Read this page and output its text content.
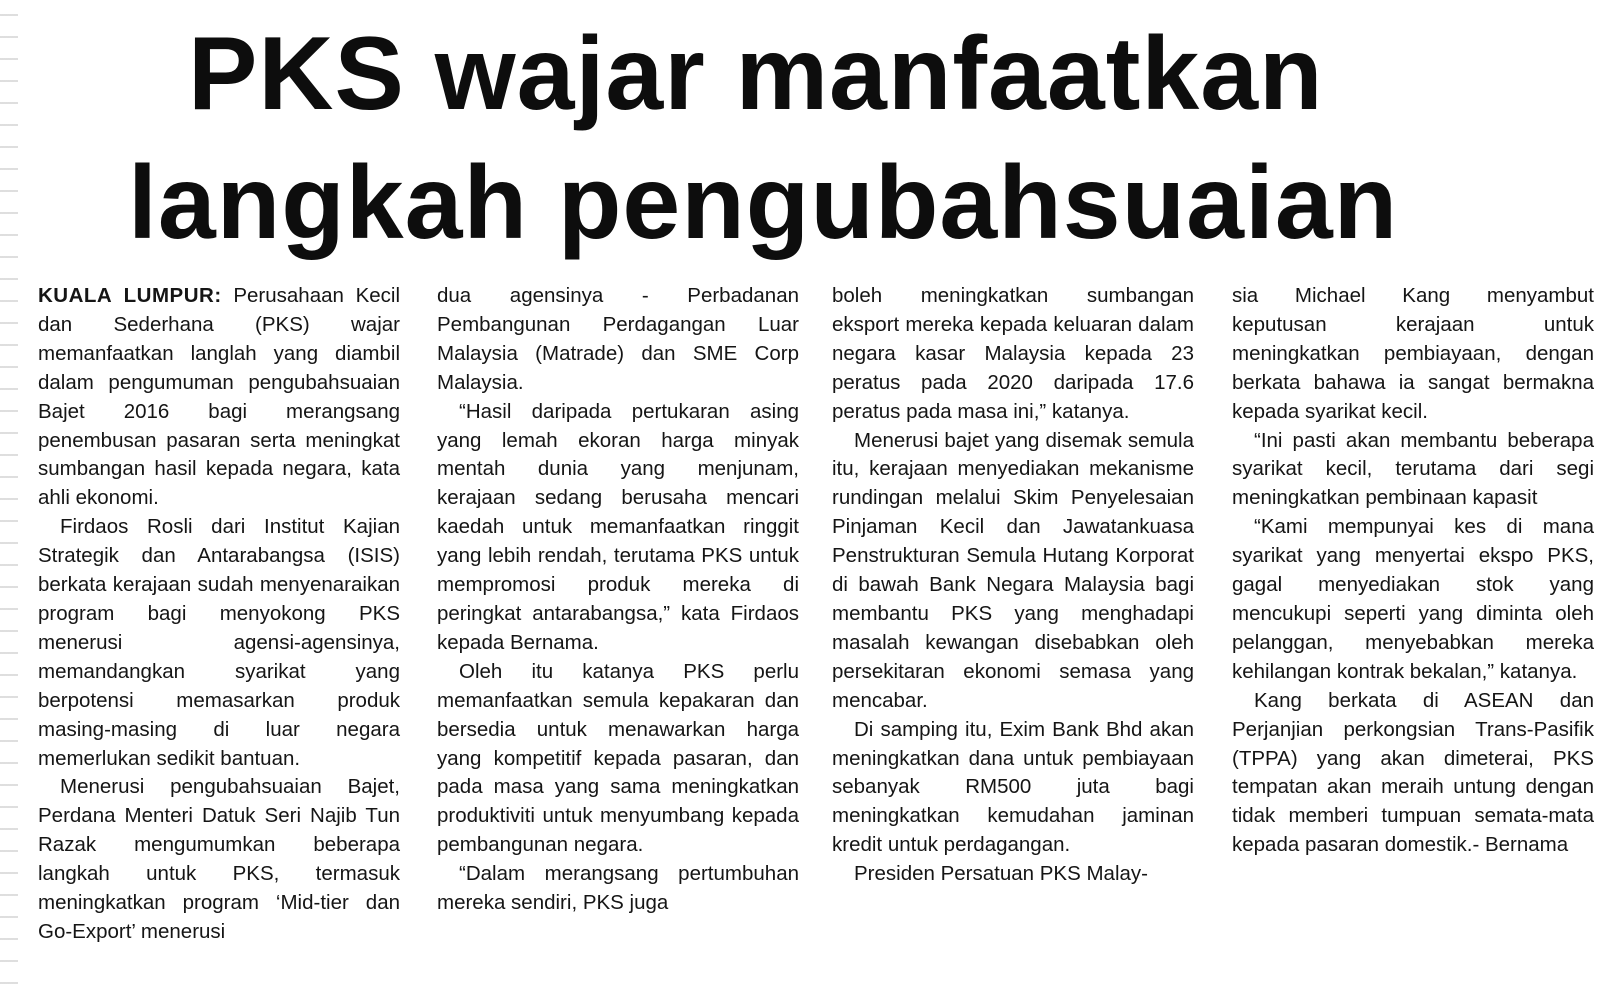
PKS wajar manfaatkan
langkah pengubahsuaian

KUALA LUMPUR: Perusahaan Kecil dan Sederhana (PKS) wajar memanfaatkan langlah yang diambil dalam pengumuman pengubahsuaian Bajet 2016 bagi merangsang penembusan pasaran serta meningkat sumbangan hasil kepada negara, kata ahli ekonomi.

Firdaos Rosli dari Institut Kajian Strategik dan Antarabangsa (ISIS) berkata kerajaan sudah menyenaraikan program bagi menyokong PKS menerusi agensi-agensinya, memandangkan syarikat yang berpotensi memasarkan produk masing-masing di luar negara memerlukan sedikit bantuan.

Menerusi pengubahsuaian Bajet, Perdana Menteri Datuk Seri Najib Tun Razak mengumumkan beberapa langkah untuk PKS, termasuk meningkatkan program ‘Mid-tier dan Go-Export’ menerusi

dua agensinya - Perbadanan Pembangunan Perdagangan Luar Malaysia (Matrade) dan SME Corp Malaysia.

“Hasil daripada pertukaran asing yang lemah ekoran harga minyak mentah dunia yang menjunam, kerajaan sedang berusaha mencari kaedah untuk memanfaatkan ringgit yang lebih rendah, terutama PKS untuk mempromosi produk mereka di peringkat antarabangsa,” kata Firdaos kepada Bernama.

Oleh itu katanya PKS perlu memanfaatkan semula kepakaran dan bersedia untuk menawarkan harga yang kompetitif kepada pasaran, dan pada masa yang sama meningkatkan produktiviti untuk menyumbang kepada pembangunan negara.

“Dalam merangsang pertumbuhan mereka sendiri, PKS juga

boleh meningkatkan sumbangan eksport mereka kepada keluaran dalam negara kasar Malaysia kepada 23 peratus pada 2020 daripada 17.6 peratus pada masa ini,” katanya.

Menerusi bajet yang disemak semula itu, kerajaan menyediakan mekanisme rundingan melalui Skim Penyelesaian Pinjaman Kecil dan Jawatankuasa Penstrukturan Semula Hutang Korporat di bawah Bank Negara Malaysia bagi membantu PKS yang menghadapi masalah kewangan disebabkan oleh persekitaran ekonomi semasa yang mencabar.

Di samping itu, Exim Bank Bhd akan meningkatkan dana untuk pembiayaan sebanyak RM500 juta bagi meningkatkan kemudahan jaminan kredit untuk perdagangan.

Presiden Persatuan PKS Malay-

sia Michael Kang menyambut keputusan kerajaan untuk meningkatkan pembiayaan, dengan berkata bahawa ia sangat bermakna kepada syarikat kecil.

“Ini pasti akan membantu beberapa syarikat kecil, terutama dari segi meningkatkan pembinaan kapasit

“Kami mempunyai kes di mana syarikat yang menyertai ekspo PKS, gagal menyediakan stok yang mencukupi seperti yang diminta oleh pelanggan, menyebabkan mereka kehilangan kontrak bekalan,” katanya.

Kang berkata di ASEAN dan Perjanjian perkongsian Trans-Pasifik (TPPA) yang akan dimeterai, PKS tempatan akan meraih untung dengan tidak memberi tumpuan semata-mata kepada pasaran domestik.- Bernama
